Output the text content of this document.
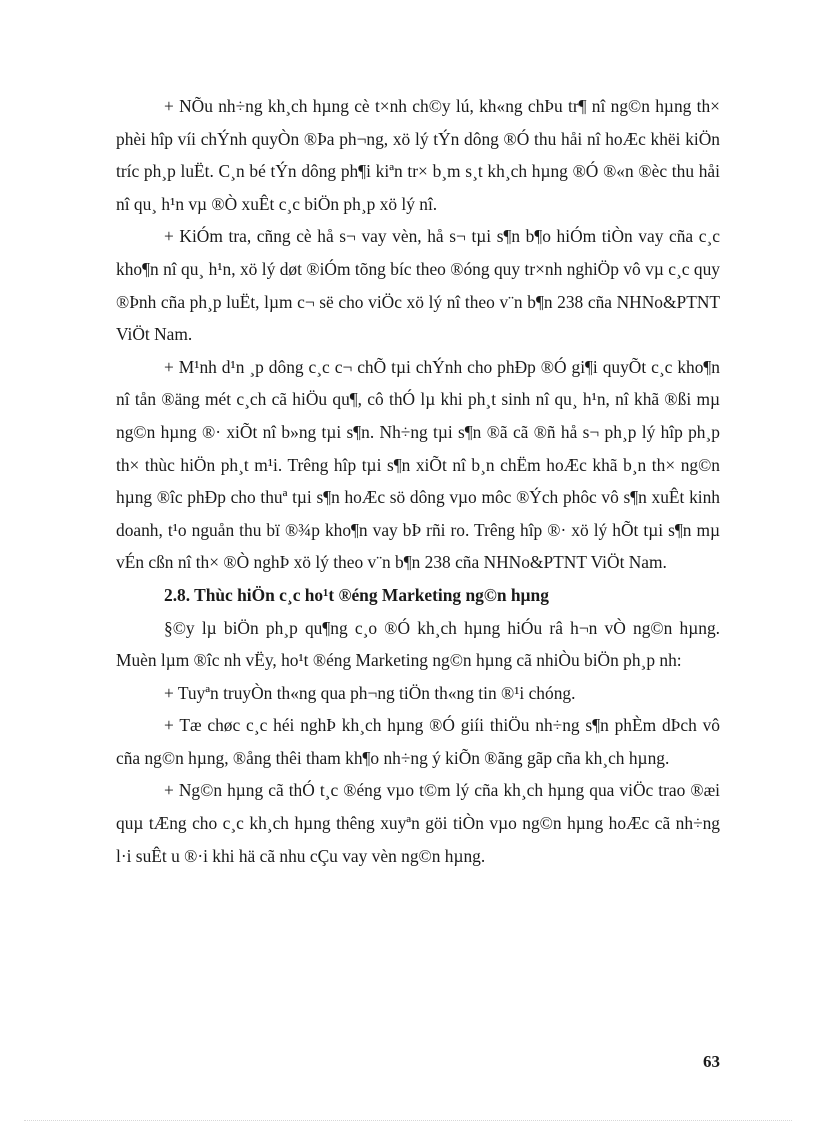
+ NÕu nh÷ng kh¸ch hµng cè t×nh ch©y lú, kh«ng chÞu tr¶ nî ng©n hµng th× phèi hîp víi chÝnh quyÒn ®Þa ph¬ng, xö lý tÝn dông ®Ó thu håi nî hoÆc khëi kiÖn tríc ph¸p luËt. C¸n bé tÝn dông ph¶i kiªn tr× b¸m s¸t kh¸ch hµng ®Ó ®«n ®èc thu håi nî qu¸ h¹n vµ ®Ò xuÊt c¸c biÖn ph¸p xö lý nî.

+ KiÓm tra, cñng cè hå s¬ vay vèn, hå s¬ tµi s¶n b¶o hiÓm tiÒn vay cña c¸c kho¶n nî qu¸ h¹n, xö lý døt ®iÓm tõng bíc theo ®óng quy tr×nh nghiÖp vô vµ c¸c quy ®Þnh cña ph¸p luËt, lµm c¬ së cho viÖc xö lý nî theo v¨n b¶n 238 cña NHNo&PTNT ViÖt Nam.

+ M¹nh d¹n ¸p dông c¸c c¬ chÕ tµi chÝnh cho phÐp ®Ó gi¶i quyÕt c¸c kho¶n nî tån ®äng mét c¸ch cã hiÖu qu¶, cô thÓ lµ khi ph¸t sinh nî qu¸ h¹n, nî khã ®ßi mµ ng©n hµng ®· xiÕt nî b»ng tµi s¶n. Nh÷ng tµi s¶n ®ã cã ®ñ hå s¬ ph¸p lý hîp ph¸p th× thùc hiÖn ph¸t m¹i. Trêng hîp tµi s¶n xiÕt nî b¸n chËm hoÆc khã b¸n th× ng©n hµng ®îc phÐp cho thuª tµi s¶n hoÆc sö dông vµo môc ®Ých phôc vô s¶n xuÊt kinh doanh, t¹o nguån thu bï ®¾p kho¶n vay bÞ rñi ro. Trêng hîp ®· xö lý hÕt tµi s¶n mµ vÉn cßn nî th× ®Ò nghÞ xö lý theo v¨n b¶n 238 cña NHNo&PTNT ViÖt Nam.

2.8. Thùc hiÖn c¸c ho¹t ®éng Marketing ng©n hµng

§©y lµ biÖn ph¸p qu¶ng c¸o ®Ó kh¸ch hµng hiÓu râ h¬n vÒ ng©n hµng. Muèn lµm ®îc nh vËy, ho¹t ®éng Marketing ng©n hµng cã nhiÒu biÖn ph¸p nh:

+ Tuyªn truyÒn th«ng qua ph¬ng tiÖn th«ng tin ®¹i chóng.

+ Tæ chøc c¸c héi nghÞ kh¸ch hµng ®Ó giíi thiÖu nh÷ng s¶n phÈm dÞch vô cña ng©n hµng, ®ång thêi tham kh¶o nh÷ng ý kiÕn ®ãng gãp cña kh¸ch hµng.

+ Ng©n hµng cã thÓ t¸c ®éng vµo t©m lý cña kh¸ch hµng qua viÖc trao ®æi quµ tÆng cho c¸c kh¸ch hµng thêng xuyªn göi tiÒn vµo ng©n hµng hoÆc cã nh÷ng l·i suÊt u ®·i khi hä cã nhu cÇu vay vèn ng©n hµng.

63
